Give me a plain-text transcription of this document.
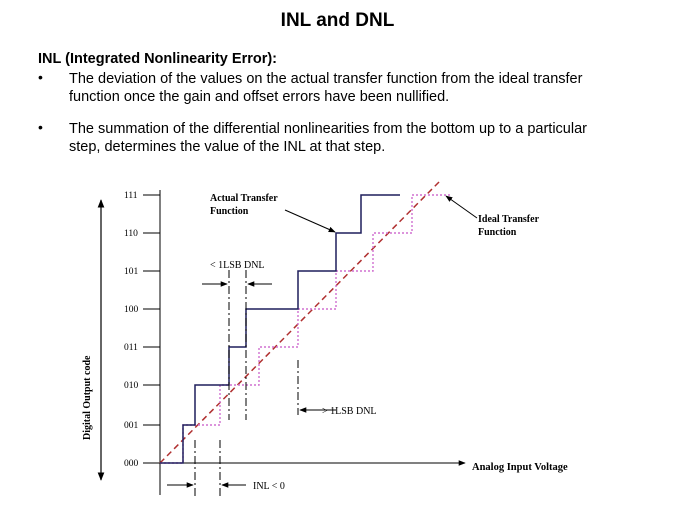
INL and DNL
INL (Integrated Nonlinearity Error):
• The deviation of the values on the actual transfer function from the ideal transfer function once the gain and offset errors have been nullified.
• The summation of the differential nonlinearities from the bottom up to a particular step, determines the value of the INL at that step.
Digital Output code
Analog Input Voltage
000
001
010
011
100
101
110
111
< 1LSB DNL
> 1LSB DNL
INL < 0
Actual Transfer
Function
Ideal Transfer
Function
